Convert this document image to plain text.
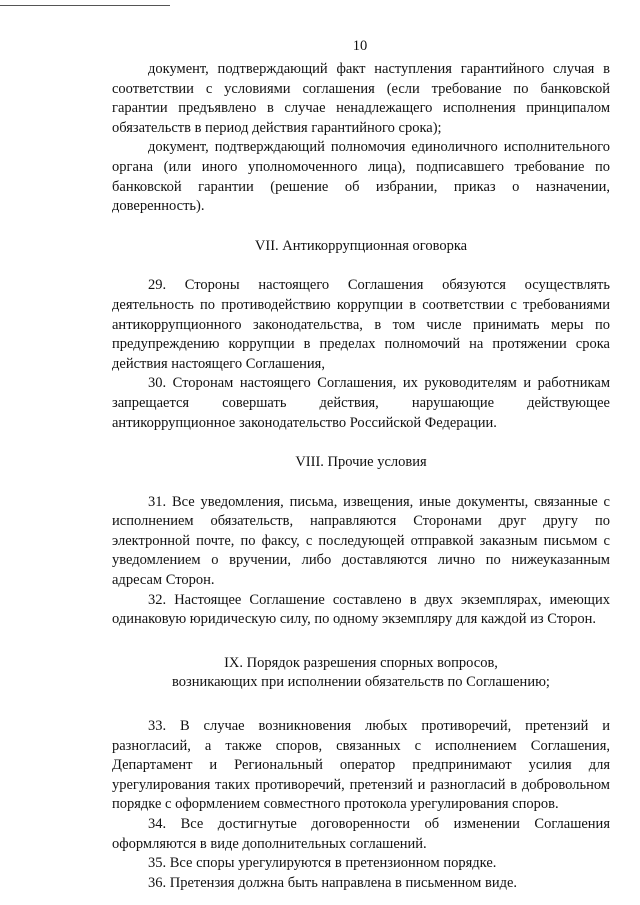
10

документ, подтверждающий факт наступления гарантийного случая в соответствии с условиями соглашения (если требование по банковской гарантии предъявлено в случае ненадлежащего исполнения принципалом обязательств в период действия гарантийного срока);

документ, подтверждающий полномочия единоличного исполнительного органа (или иного уполномоченного лица), подписавшего требование по банковской гарантии (решение об избрании, приказ о назначении, доверенность).

VII. Антикоррупционная оговорка

29. Стороны настоящего Соглашения обязуются осуществлять деятельность по противодействию коррупции в соответствии с требованиями антикоррупционного законодательства, в том числе принимать меры по предупреждению коррупции в пределах полномочий на протяжении срока действия настоящего Соглашения,

30. Сторонам настоящего Соглашения, их руководителям и работникам запрещается совершать действия, нарушающие действующее антикоррупционное законодательство Российской Федерации.

VIII. Прочие условия

31. Все уведомления, письма, извещения, иные документы, связанные с исполнением обязательств, направляются Сторонами друг другу по электронной почте, по факсу, с последующей отправкой заказным письмом с уведомлением о вручении, либо доставляются лично по нижеуказанным адресам Сторон.

32. Настоящее Соглашение составлено в двух экземплярах, имеющих одинаковую юридическую силу, по одному экземпляру для каждой из Сторон.

IX. Порядок разрешения спорных вопросов,
возникающих при исполнении обязательств по Соглашению;

33. В случае возникновения любых противоречий, претензий и разногласий, а также споров, связанных с исполнением Соглашения, Департамент и Региональный оператор предпринимают усилия для урегулирования таких противоречий, претензий и разногласий в добровольном порядке с оформлением совместного протокола урегулирования споров.

34. Все достигнутые договоренности об изменении Соглашения оформляются в виде дополнительных соглашений.

35. Все споры урегулируются в претензионном порядке.

36. Претензия должна быть направлена в письменном виде.
